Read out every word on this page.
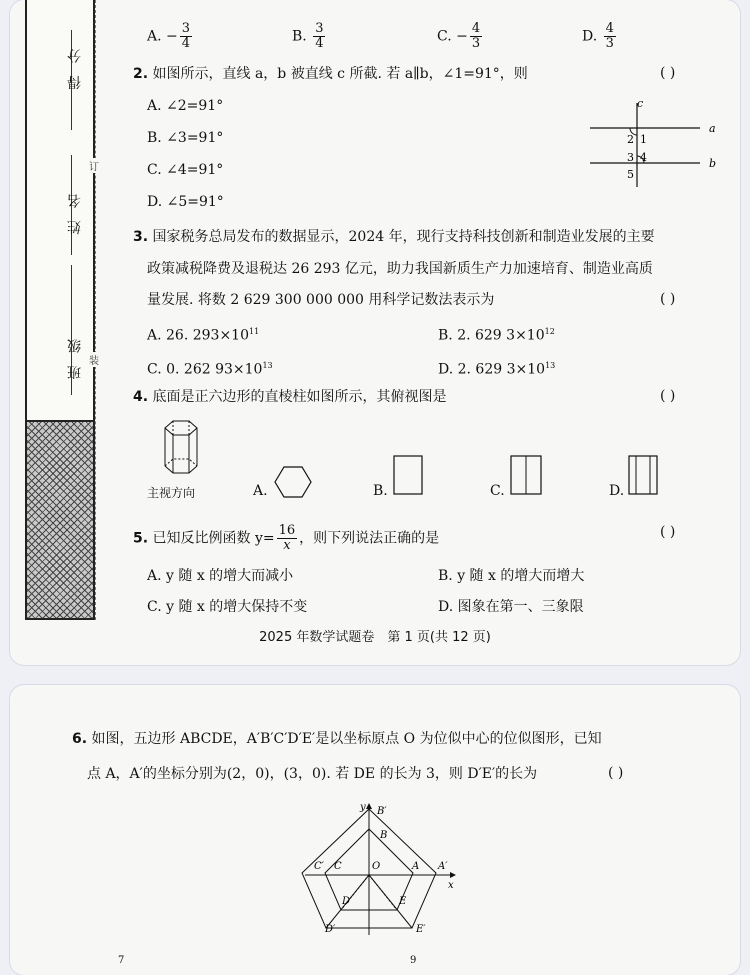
得 分
姓 名
班 级
订
装
A. − $\frac{3}{4}$	B. $\frac{3}{4}$	C. − $\frac{4}{3}$	D. $\frac{4}{3}$
2. 如图所示，直线 a，b 被直线 c 所截. 若 a∥b，∠1=91°，则	( )
A. ∠2=91°
B. ∠3=91°
C. ∠4=91°
D. ∠5=91°
c
a
b
1
2
3 4
5
3. 国家税务总局发布的数据显示，2024 年，现行支持科技创新和制造业发展的主要
政策减税降费及退税达 26 293 亿元，助力我国新质生产力加速培育、制造业高质
量发展. 将数 2 629 300 000 000 用科学记数法表示为	( )
A. 26. $293\times 10^{11}$	B. 2. 629 $3\times 10^{12}$
C. 0. 262 $93\times 10^{13}$	D. 2. 629 $3\times 10^{13}$
4. 底面是正六边形的直棱柱如图所示，其俯视图是	( )
主视方向	A.	B.	C.	D.
5. 已知反比例函数 $y= \frac{16}{x}$ ，则下列说法正确的是	( )
A. y 随 x 的增大而减小	B. y 随 x 的增大而增大
C. y 随 x 的增大保持不变	D. 图象在第一、三象限
2025 年数学试题卷　第 1 页(共 12 页)
6. 如图，五边形 ABCDE，A′B′C′D′E′是以坐标原点 O 为位似中心的位似图形，已知
点 A，A′的坐标分别为(2，0)，(3，0). 若 DE 的长为 3，则 D′E′的长为	( )
y
x
O	A A′
B
B′
C
C′
D
D′
E
E′
7	9
